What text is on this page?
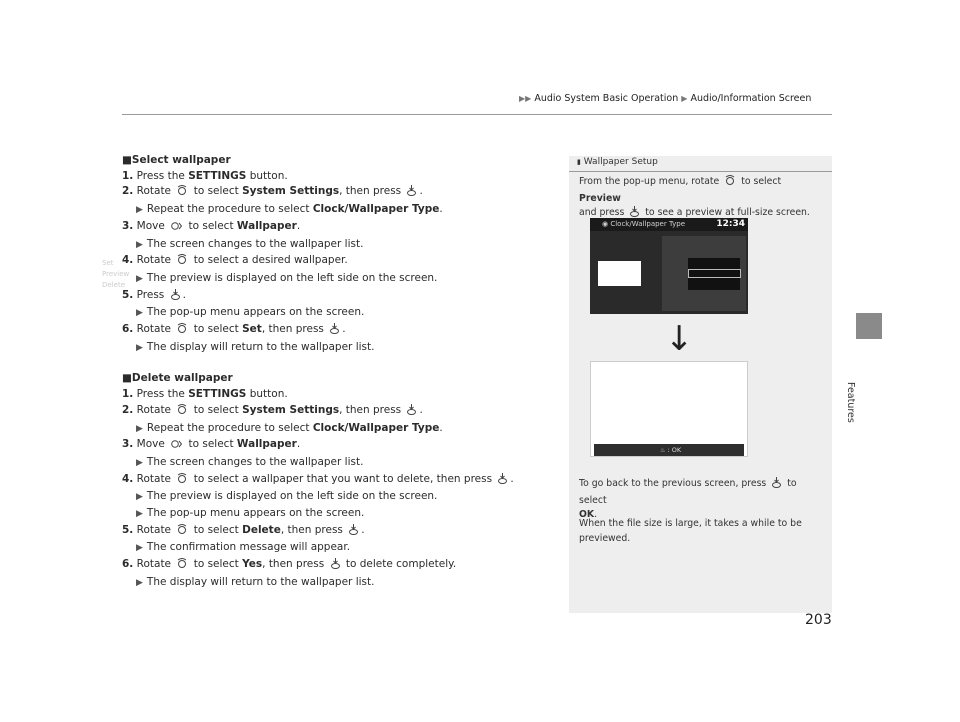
▶▶ Audio System Basic Operation ▶ Audio/Information Screen
Features
■Select wallpaper
1. Press the SETTINGS button.
2. Rotate  to select System Settings, then press .
▶ Repeat the procedure to select Clock/Wallpaper Type.
3. Move  to select Wallpaper.
▶ The screen changes to the wallpaper list.
4. Rotate  to select a desired wallpaper.
▶ The preview is displayed on the left side on the screen.
5. Press .
▶ The pop-up menu appears on the screen.
6. Rotate  to select Set, then press .
▶ The display will return to the wallpaper list.
■Delete wallpaper
1. Press the SETTINGS button.
2. Rotate  to select System Settings, then press .
▶ Repeat the procedure to select Clock/Wallpaper Type.
3. Move  to select Wallpaper.
▶ The screen changes to the wallpaper list.
4. Rotate  to select a wallpaper that you want to delete, then press .
▶ The preview is displayed on the left side on the screen.
▶ The pop-up menu appears on the screen.
5. Rotate  to select Delete, then press .
▶ The confirmation message will appear.
6. Rotate  to select Yes, then press  to delete completely.
▶ The display will return to the wallpaper list.
▮ Wallpaper Setup
From the pop-up menu, rotate  to select Preview
and press  to see a preview at full-size screen.
◉ Clock/Wallpaper Type	12:34
Set
Preview
Delete
↓
♨ : OK
To go back to the previous screen, press  to select
OK.
When the file size is large, it takes a while to be previewed.
203
